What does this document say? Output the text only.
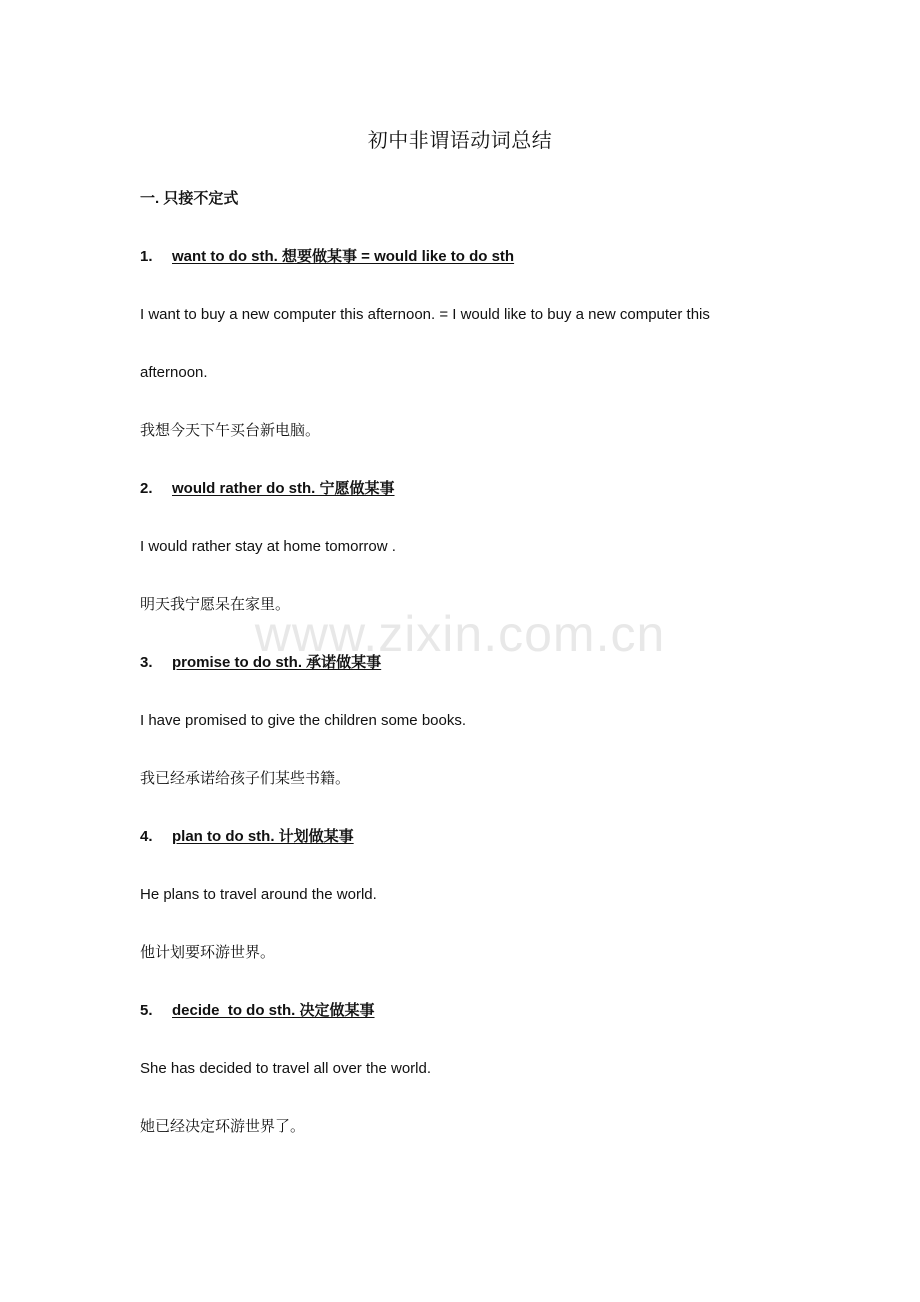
初中非谓语动词总结
一. 只接不定式
1. want to do sth. 想要做某事 = would like to do sth
I want to buy a new computer this afternoon. = I would like to buy a new computer this
afternoon.
我想今天下午买台新电脑。
2. would rather do sth. 宁愿做某事
I would rather stay at home tomorrow .
明天我宁愿呆在家里。
3. promise to do sth. 承诺做某事
I have promised to give the children some books.
我已经承诺给孩子们某些书籍。
4. plan to do sth. 计划做某事
He plans to travel around the world.
他计划要环游世界。
5. decide  to do sth. 决定做某事
She has decided to travel all over the world.
她已经决定环游世界了。
www.zixin.com.cn
